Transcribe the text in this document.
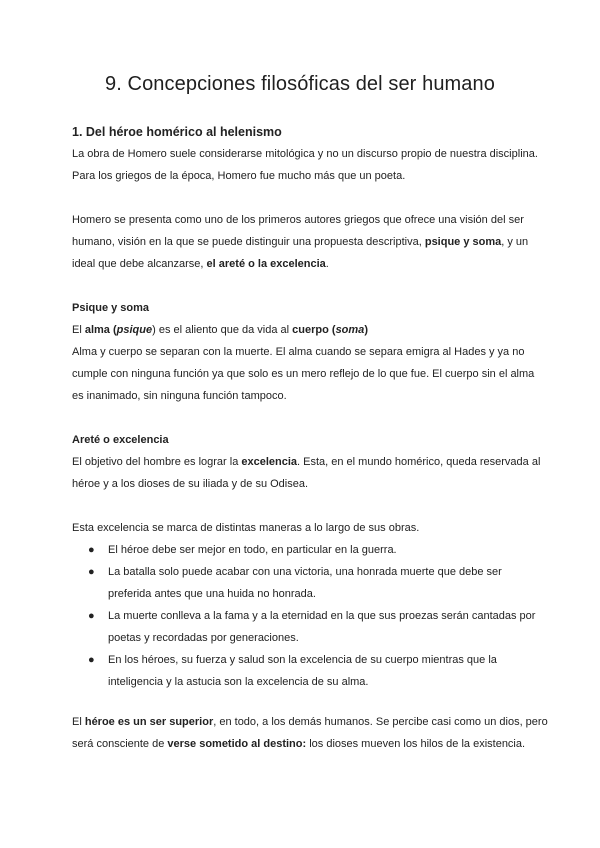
9. Concepciones filosóficas del ser humano
1. Del héroe homérico al helenismo
La obra de Homero suele considerarse mitológica y no un discurso propio de nuestra disciplina.
Para los griegos de la época, Homero fue mucho más que un poeta.
Homero se presenta como uno de los primeros autores griegos que ofrece una visión del ser
humano, visión en la que se puede distinguir una propuesta descriptiva, psique y soma, y un
ideal que debe alcanzarse, el areté o la excelencia.
Psique y soma
El alma (psique) es el aliento que da vida al cuerpo (soma)
Alma y cuerpo se separan con la muerte. El alma cuando se separa emigra al Hades y ya no
cumple con ninguna función ya que solo es un mero reflejo de lo que fue. El cuerpo sin el alma
es inanimado, sin ninguna función tampoco.
Areté o excelencia
El objetivo del hombre es lograr la excelencia. Esta, en el mundo homérico, queda reservada al
héroe y a los dioses de su iliada y de su Odisea.
Esta excelencia se marca de distintas maneras a lo largo de sus obras.
● El héroe debe ser mejor en todo, en particular en la guerra.
● La batalla solo puede acabar con una victoria, una honrada muerte que debe ser
preferida antes que una huida no honrada.
● La muerte conlleva a la fama y a la eternidad en la que sus proezas serán cantadas por
poetas y recordadas por generaciones.
● En los héroes, su fuerza y salud son la excelencia de su cuerpo mientras que la
inteligencia y la astucia son la excelencia de su alma.
El héroe es un ser superior, en todo, a los demás humanos. Se percibe casi como un dios, pero
será consciente de verse sometido al destino: los dioses mueven los hilos de la existencia.
